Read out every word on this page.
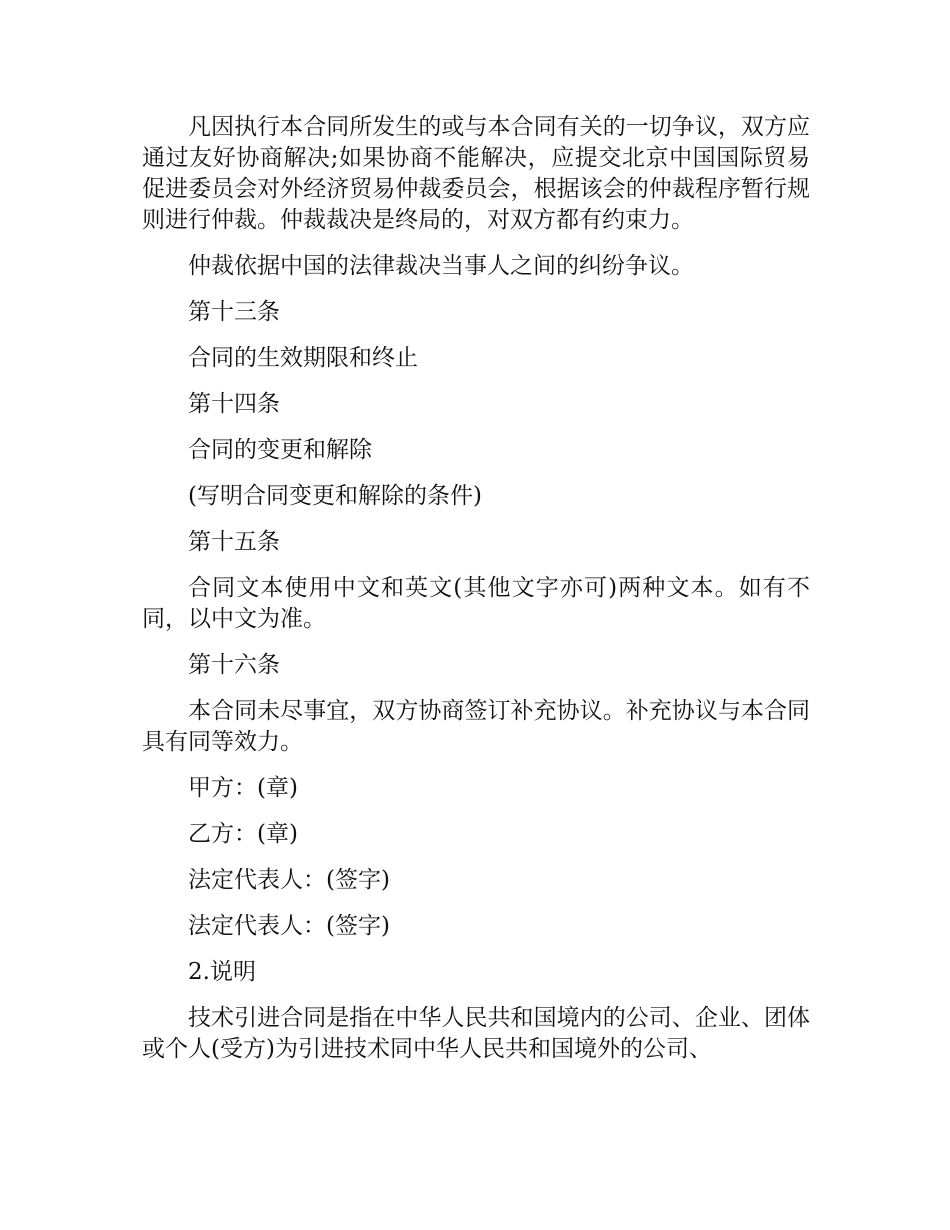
凡因执行本合同所发生的或与本合同有关的一切争议，双方应通过友好协商解决;如果协商不能解决，应提交北京中国国际贸易促进委员会对外经济贸易仲裁委员会，根据该会的仲裁程序暂行规则进行仲裁。仲裁裁决是终局的，对双方都有约束力。

仲裁依据中国的法律裁决当事人之间的纠纷争议。

第十三条

合同的生效期限和终止

第十四条

合同的变更和解除

(写明合同变更和解除的条件)

第十五条

合同文本使用中文和英文(其他文字亦可)两种文本。如有不同，以中文为准。

第十六条

本合同未尽事宜，双方协商签订补充协议。补充协议与本合同具有同等效力。

甲方：(章)

乙方：(章)

法定代表人：(签字)

法定代表人：(签字)

2.说明

技术引进合同是指在中华人民共和国境内的公司、企业、团体或个人(受方)为引进技术同中华人民共和国境外的公司、
